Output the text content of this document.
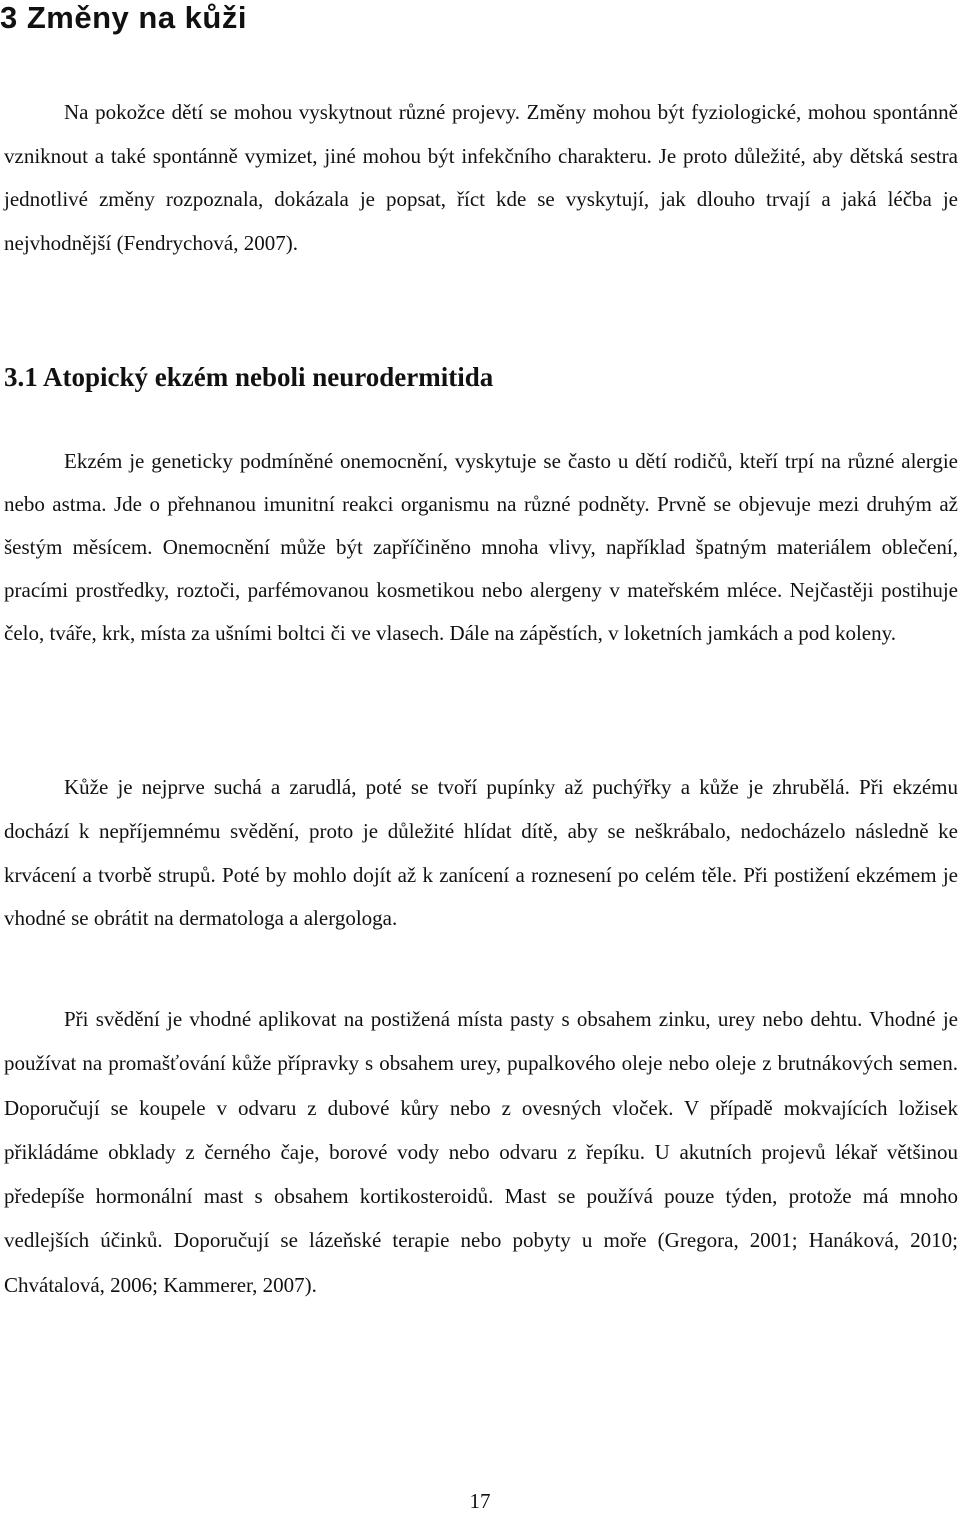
3 Změny na kůži

Na pokožce dětí se mohou vyskytnout různé projevy. Změny mohou být fyziologické, mohou spontánně vzniknout a také spontánně vymizet, jiné mohou být infekčního charakteru. Je proto důležité, aby dětská sestra jednotlivé změny rozpoznala, dokázala je popsat, říct kde se vyskytují, jak dlouho trvají a jaká léčba je nejvhodnější (Fendrychová, 2007).

3.1 Atopický ekzém neboli neurodermitida

Ekzém je geneticky podmíněné onemocnění, vyskytuje se často u dětí rodičů, kteří trpí na různé alergie nebo astma. Jde o přehnanou imunitní reakci organismu na různé podněty. Prvně se objevuje mezi druhým až šestým měsícem. Onemocnění může být zapříčiněno mnoha vlivy, například špatným materiálem oblečení, pracími prostředky, roztoči, parfémovanou kosmetikou nebo alergeny v mateřském mléce. Nejčastěji postihuje čelo, tváře, krk, místa za ušními boltci či ve vlasech. Dále na zápěstích, v loketních jamkách a pod koleny.

Kůže je nejprve suchá a zarudlá, poté se tvoří pupínky až puchýřky a kůže je zhrubělá. Při ekzému dochází k nepříjemnému svědění, proto je důležité hlídat dítě, aby se neškrábalo, nedocházelo následně ke krvácení a tvorbě strupů. Poté by mohlo dojít až k zanícení a roznesení po celém těle. Při postižení ekzémem je vhodné se obrátit na dermatologa a alergologa.

Při svědění je vhodné aplikovat na postižená místa pasty s obsahem zinku, urey nebo dehtu. Vhodné je používat na promašťování kůže přípravky s obsahem urey, pupalkového oleje nebo oleje z brutnákových semen. Doporučují se koupele v odvaru z dubové kůry nebo z ovesných vloček. V případě mokvajících ložisek přikládáme obklady z černého čaje, borové vody nebo odvaru z řepíku. U akutních projevů lékař většinou předepíše hormonální mast s obsahem kortikosteroidů. Mast se používá pouze týden, protože má mnoho vedlejších účinků. Doporučují se lázeňské terapie nebo pobyty u moře (Gregora, 2001; Hanáková, 2010; Chvátalová, 2006; Kammerer, 2007).

17
